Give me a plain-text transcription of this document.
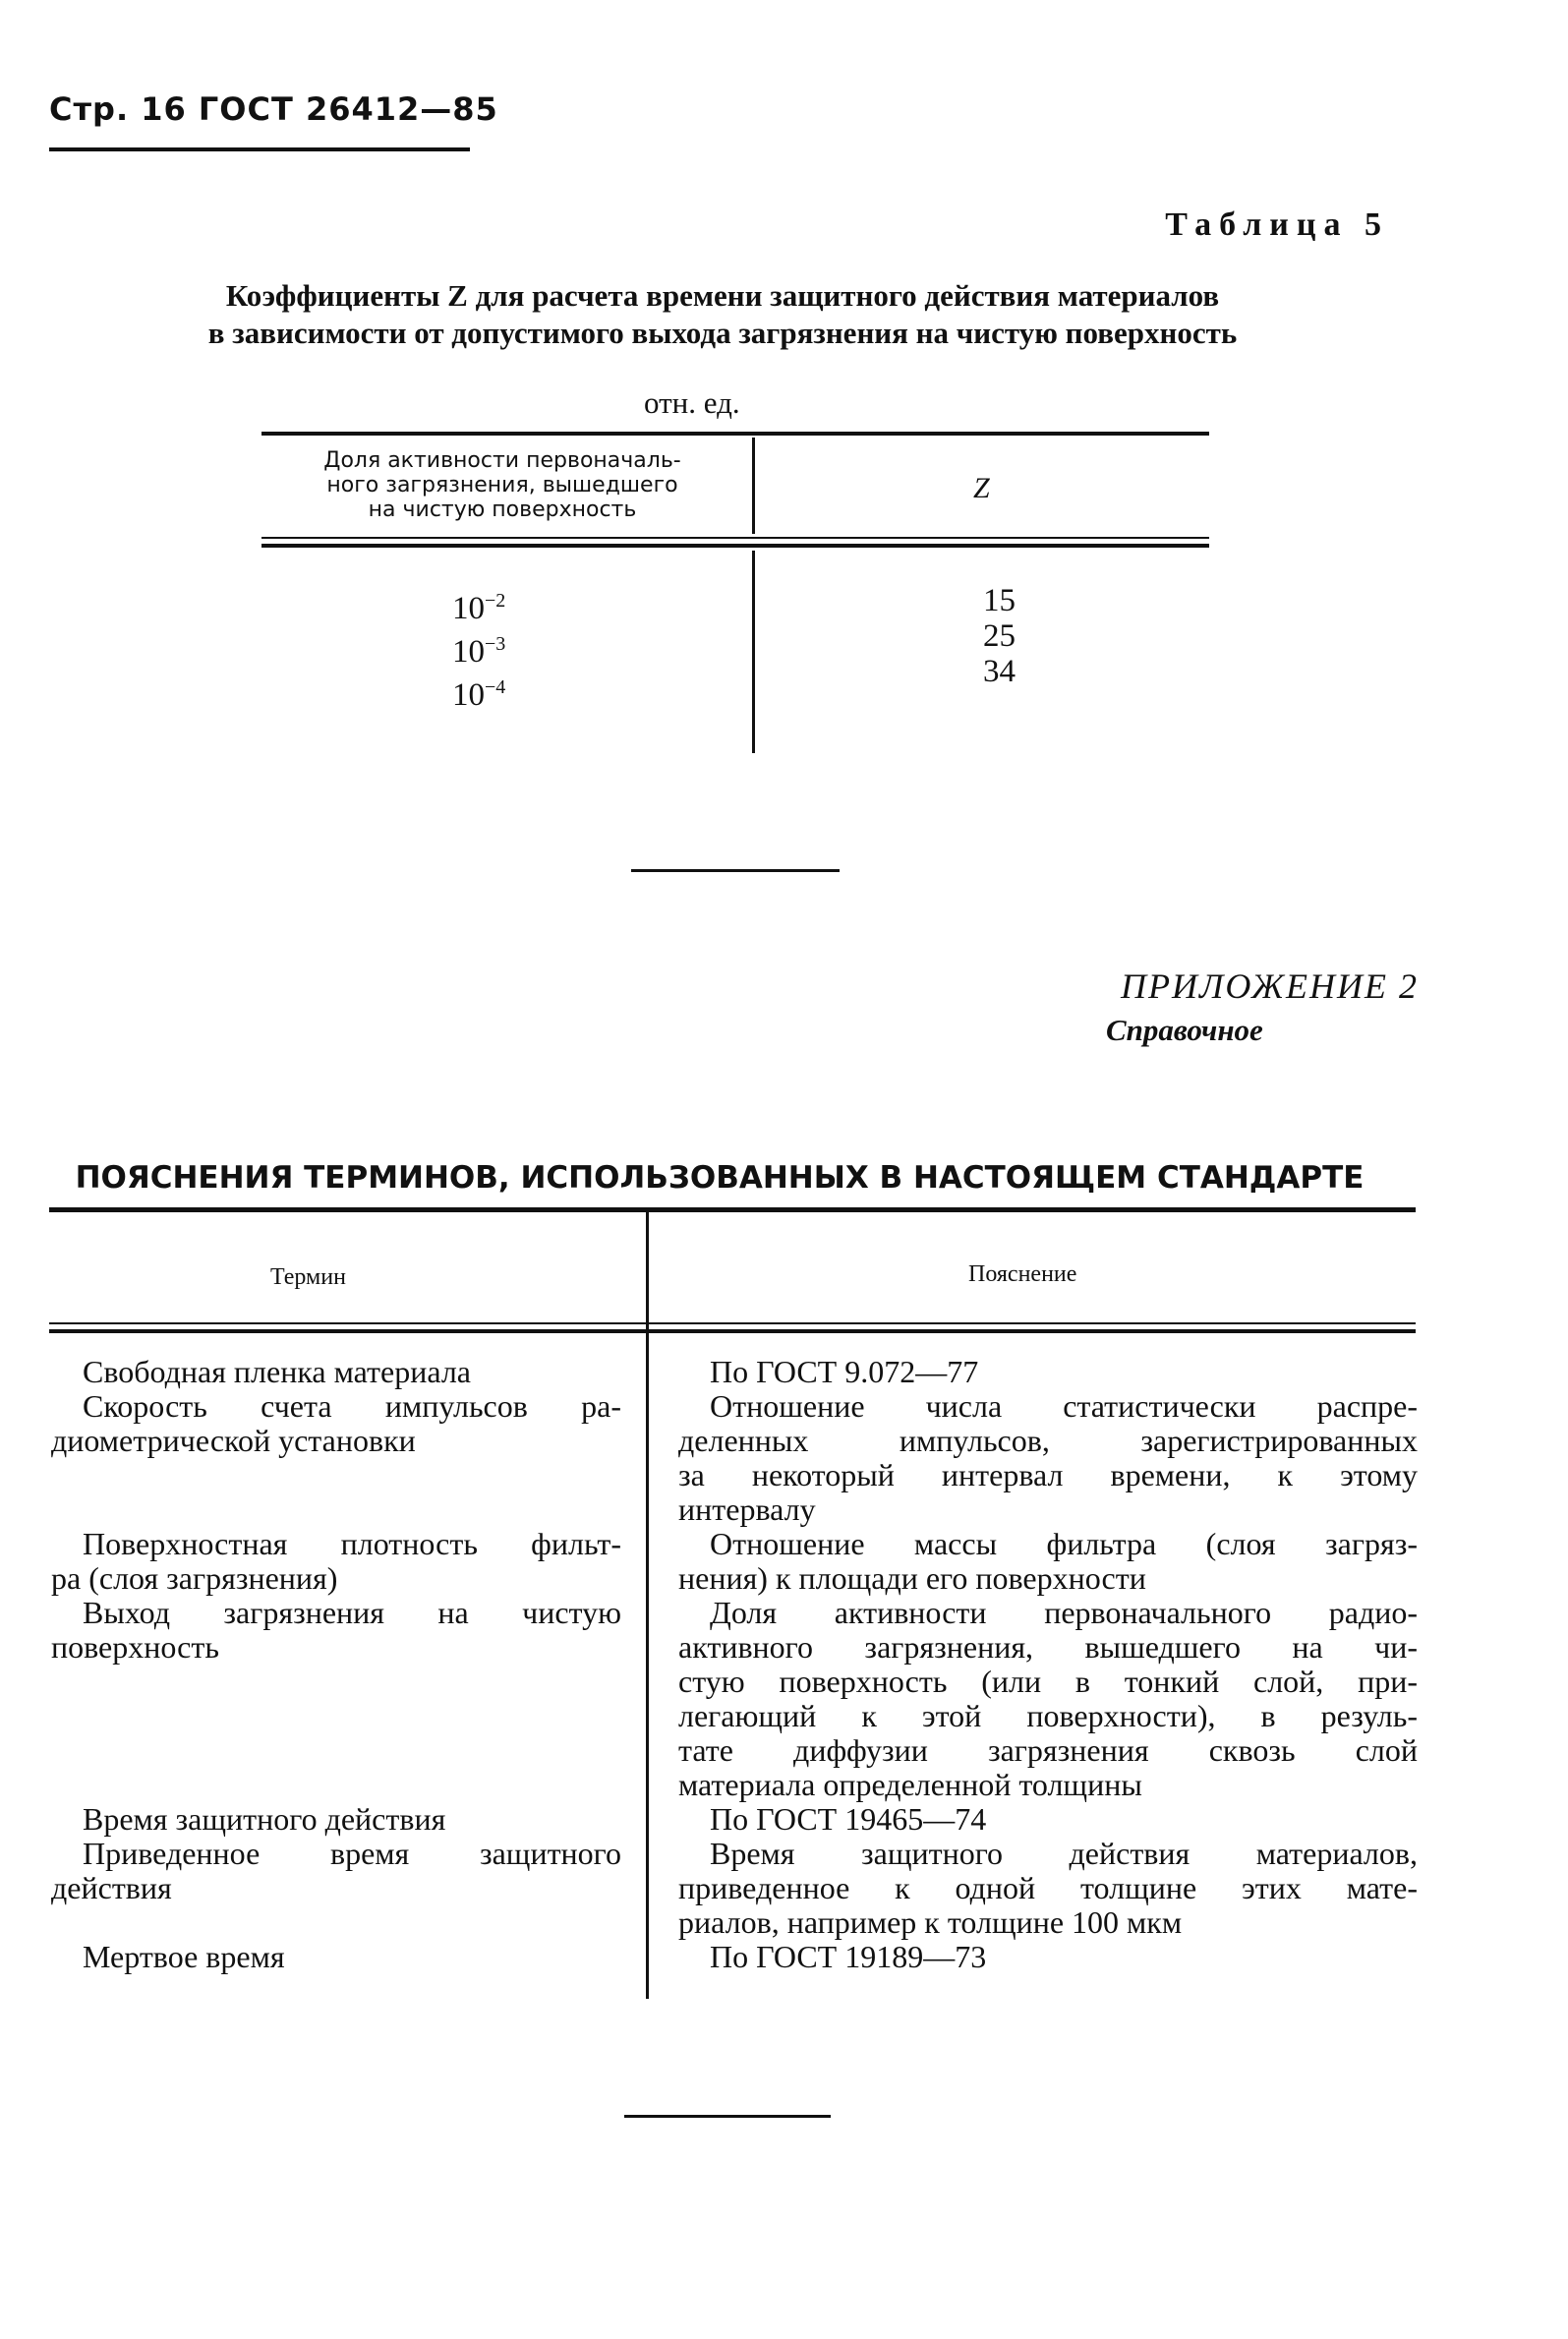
Стр. 16 ГОСТ 26412—85
Таблица 5
Коэффициенты Z для расчета времени защитного действия материалов
в зависимости от допустимого выхода загрязнения на чистую поверхность
отн. ед.
Доля активности первоначаль-
ного загрязнения, вышедшего
на чистую поверхность
Z
$10^{-2}$
$10^{-3}$
$10^{-4}$
15
25
34
ПРИЛОЖЕНИЕ 2
Справочное
ПОЯСНЕНИЯ ТЕРМИНОВ, ИСПОЛЬЗОВАННЫХ В НАСТОЯЩЕМ СТАНДАРТЕ
Термин	Пояснение
Свободная пленка материала
Скорость счета импульсов ра-
диометрической установки
Поверхностная плотность фильт-
ра (слоя загрязнения)
Выход загрязнения на чистую
поверхность
Время защитного действия
Приведенное время защитного
действия
Мертвое время
По ГОСТ 9.072—77
Отношение числа статистически распре-
деленных импульсов, зарегистрированных
за некоторый интервал времени, к этому
интервалу
Отношение массы фильтра (слоя загряз-
нения) к площади его поверхности
Доля активности первоначального радио-
активного загрязнения, вышедшего на чи-
стую поверхность (или в тонкий слой, при-
легающий к этой поверхности), в резуль-
тате диффузии загрязнения сквозь слой
материала определенной толщины
По ГОСТ 19465—74
Время защитного действия материалов,
приведенное к одной толщине этих мате-
риалов, например к толщине 100 мкм
По ГОСТ 19189—73
